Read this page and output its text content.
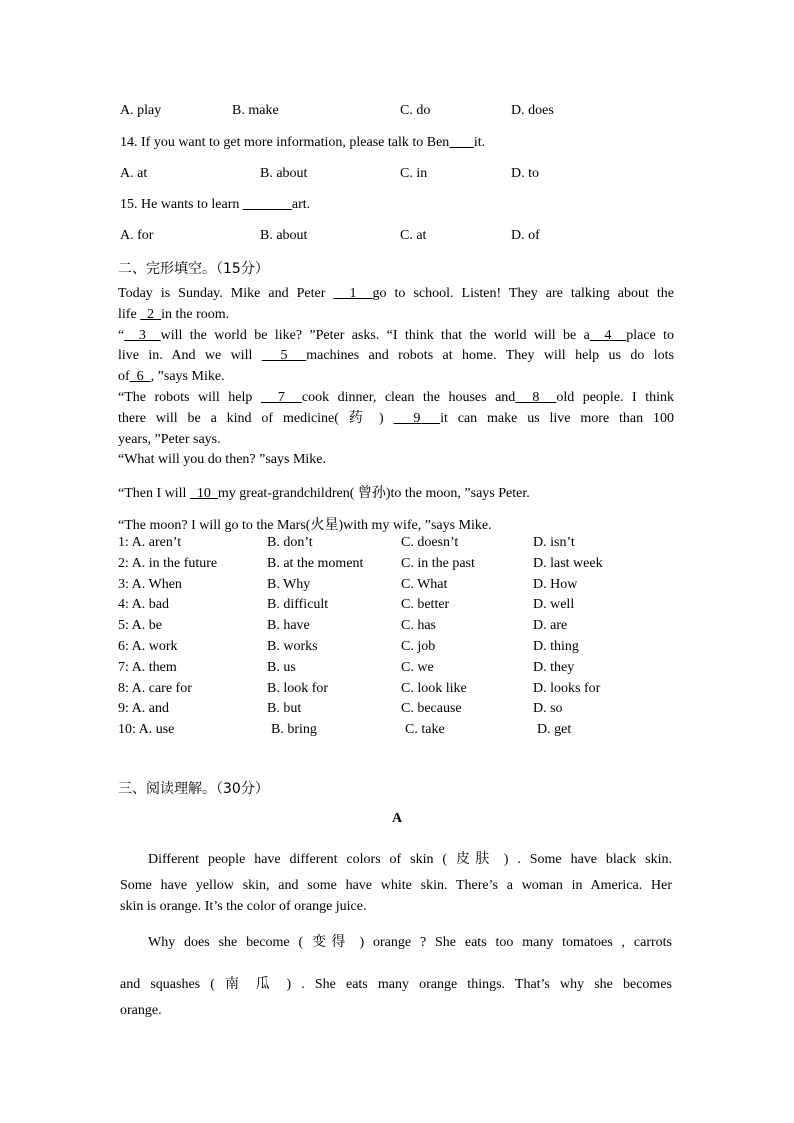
A. play	B. make	C. do	D. does
14. If you want to get more information, please talk to Ben it.
A. at	B. about	C. in	D. to
15. He wants to learn	art.
A. for	B. about	C. at	D. of
二、完形填空。（15分）
Today is Sunday. Mike and Peter   1  go to school. Listen! They are talking about the
life   2  in the room.
“  3  will the world be like? ”Peter asks. “I think that the world will be a  4  place to
live in. And we will   5  machines and robots at home. They will help us do lots
of  6  , ”says Mike.
“The robots will help   7  cook dinner, clean the houses and  8  old people. I think
there will be a kind of medicine( 药 )   9  it can make us live more than 100
years, ”Peter says.
“What will you do then? ”says Mike.
“Then I will   10  my great-grandchildren( 曾孙)to the moon, ”says Peter.
“The moon? I will go to the Mars(火星)with my wife, ”says Mike.
1: A. aren’t	B. don’t	C. doesn’t	D. isn’t
2: A. in the future	B. at the moment	C. in the past	D. last week
3: A. When	B. Why	C. What	D. How
4: A. bad	B. difficult	C. better	D. well
5: A. be	B. have	C. has	D. are
6: A. work	B. works	C. job	D. thing
7: A. them	B. us	C. we	D. they
8: A. care for	B. look for	C. look like	D. looks for
9: A. and	B. but	C. because	D. so
10: A. use	B. bring	C. take	D. get
三、阅读理解。（30分）
A
Different people have different colors of skin ( 皮肤 ) . Some have black skin.
Some have yellow skin, and some have white skin. There’s a woman in America. Her
skin is orange. It’s the color of orange juice.
Why does she become ( 变得 ) orange ? She eats too many tomatoes , carrots
and squashes ( 南 瓜 ) . She eats many orange things. That’s why she becomes
orange.
